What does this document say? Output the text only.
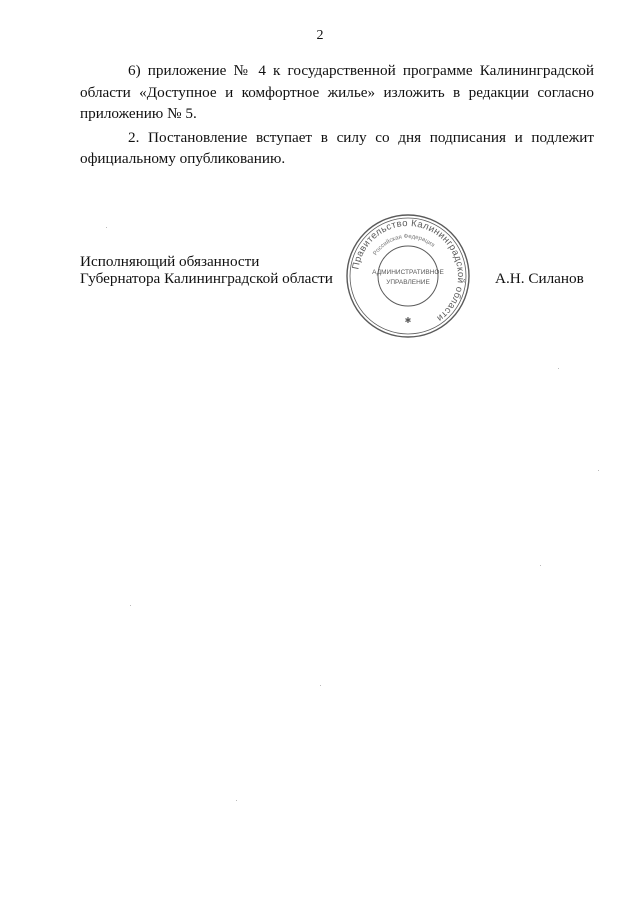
2

6) приложение № 4 к государственной программе Калининградской области «Доступное и комфортное жилье» изложить в редакции согласно приложению № 5.

2. Постановление вступает в силу со дня подписания и подлежит официальному опубликованию.

Исполняющий обязанности
Губернатора Калининградской области
Правительство Калининградской области
Российская Федерация
АДМИНИСТРАТИВНОЕ
УПРАВЛЕНИЕ
✱
А.Н. Силанов
